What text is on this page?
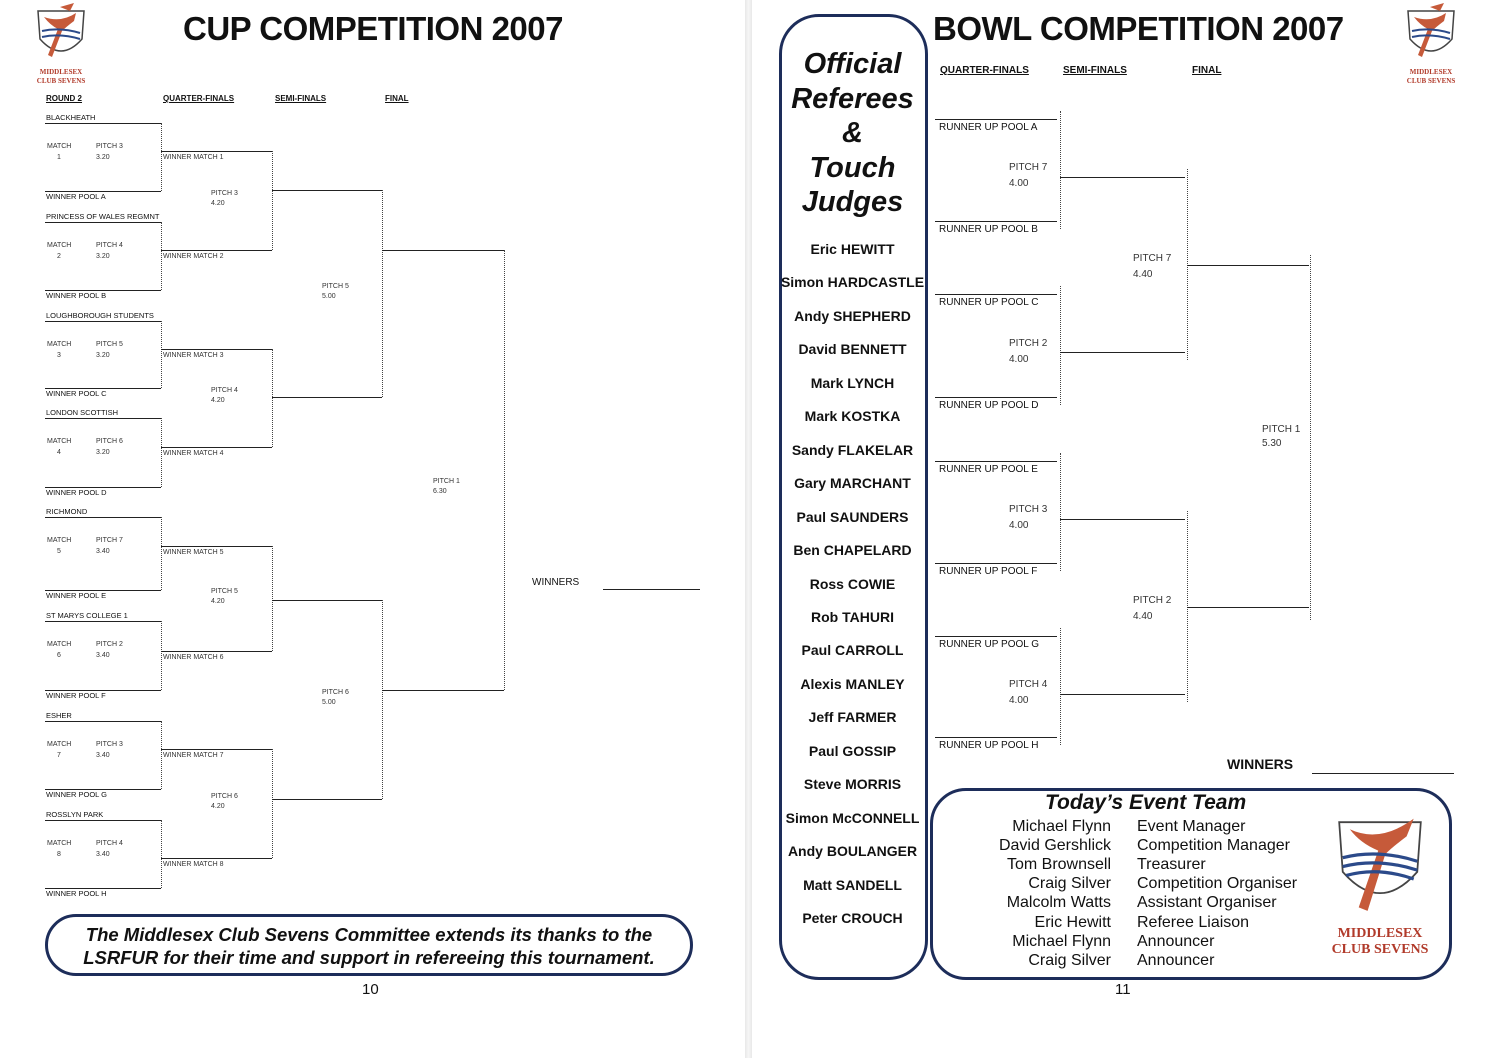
MIDDLESEX
CLUB SEVENS
CUP COMPETITION 2007
ROUND 2	QUARTER-FINALS	SEMI-FINALS	FINAL
BLACKHEATH
WINNER POOL A
MATCH
1
PITCH 3
3.20
PRINCESS OF WALES REGMNT
WINNER POOL B
MATCH
2
PITCH 4
3.20
LOUGHBOROUGH STUDENTS
WINNER POOL C
MATCH
3
PITCH 5
3.20
LONDON SCOTTISH
WINNER POOL D
MATCH
4
PITCH 6
3.20
RICHMOND
WINNER POOL E
MATCH
5
PITCH 7
3.40
ST MARYS COLLEGE 1
WINNER POOL F
MATCH
6
PITCH 2
3.40
ESHER
WINNER POOL G
MATCH
7
PITCH 3
3.40
ROSSLYN PARK
WINNER POOL H
MATCH
8
PITCH 4
3.40
WINNER MATCH 1
WINNER MATCH 2
WINNER MATCH 3
WINNER MATCH 4
WINNER MATCH 5
WINNER MATCH 6
WINNER MATCH 7
WINNER MATCH 8
PITCH 3
4.20
PITCH 4
4.20
PITCH 5
4.20
PITCH 6
4.20
PITCH 5
5.00
PITCH 6
5.00
PITCH 1
6.30
WINNERS
The Middlesex Club Sevens Committee extends its thanks to the
LSRFUR for their time and support in refereeing this tournament.
10
Official
Referees
&
Touch
Judges
Eric HEWITT
Simon HARDCASTLE
Andy SHEPHERD
David BENNETT
Mark LYNCH
Mark KOSTKA
Sandy FLAKELAR
Gary MARCHANT
Paul SAUNDERS
Ben CHAPELARD
Ross COWIE
Rob TAHURI
Paul CARROLL
Alexis MANLEY
Jeff FARMER
Paul GOSSIP
Steve MORRIS
Simon McCONNELL
Andy BOULANGER
Matt SANDELL
Peter CROUCH
BOWL COMPETITION 2007
MIDDLESEX
CLUB SEVENS
QUARTER-FINALS	SEMI-FINALS	FINAL
RUNNER UP POOL A
RUNNER UP POOL B
RUNNER UP POOL C
RUNNER UP POOL D
RUNNER UP POOL E
RUNNER UP POOL F
RUNNER UP POOL G
RUNNER UP POOL H
PITCH 7
4.00
PITCH 2
4.00
PITCH 3
4.00
PITCH 4
4.00
PITCH 7
4.40
PITCH 2
4.40
PITCH 1
5.30
WINNERS
Today’s Event Team
Michael Flynn Event Manager
David Gershlick Competition Manager
Tom Brownsell Treasurer
Craig Silver Competition Organiser
Malcolm Watts Assistant Organiser
Eric Hewitt Referee Liaison
Michael Flynn Announcer
Craig Silver Announcer
MIDDLESEX
CLUB SEVENS
11
